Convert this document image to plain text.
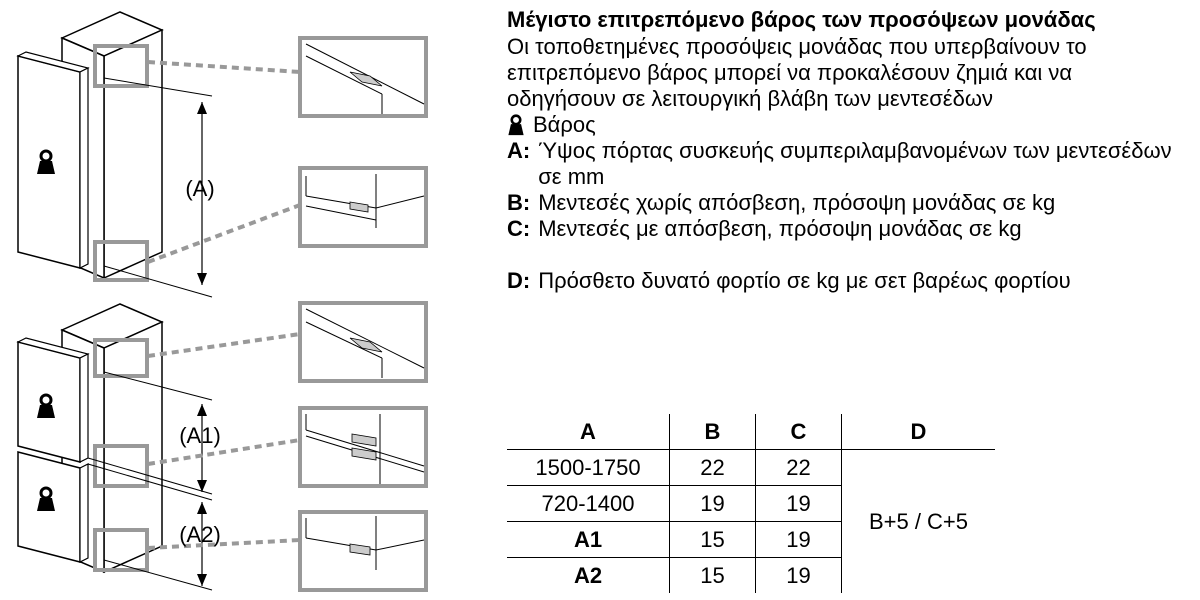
(A)
(A1)
(A2)
Μέγιστο επιτρεπόμενο βάρος των προσόψεων μονάδας
Οι τοποθετημένες προσόψεις μονάδας που υπερβαίνουν το επιτρεπόμενο βάρος μπορεί να προκαλέσουν ζημιά και να οδηγήσουν σε λειτουργική βλάβη των μεντεσέδων
Βάρος
A: Ύψος πόρτας συσκευής συμπεριλαμβανομένων των μεντεσέδων σε mm
B: Μεντεσές χωρίς απόσβεση, πρόσοψη μονάδας σε kg
C: Μεντεσές με απόσβεση, πρόσοψη μονάδας σε kg
D: Πρόσθετο δυνατό φορτίο σε kg με σετ βαρέως φορτίου
A	B	C	D
1500-1750	22	22	B+5 / C+5
720-1400	19	19	
A1	15	19	
A2	15	19	
